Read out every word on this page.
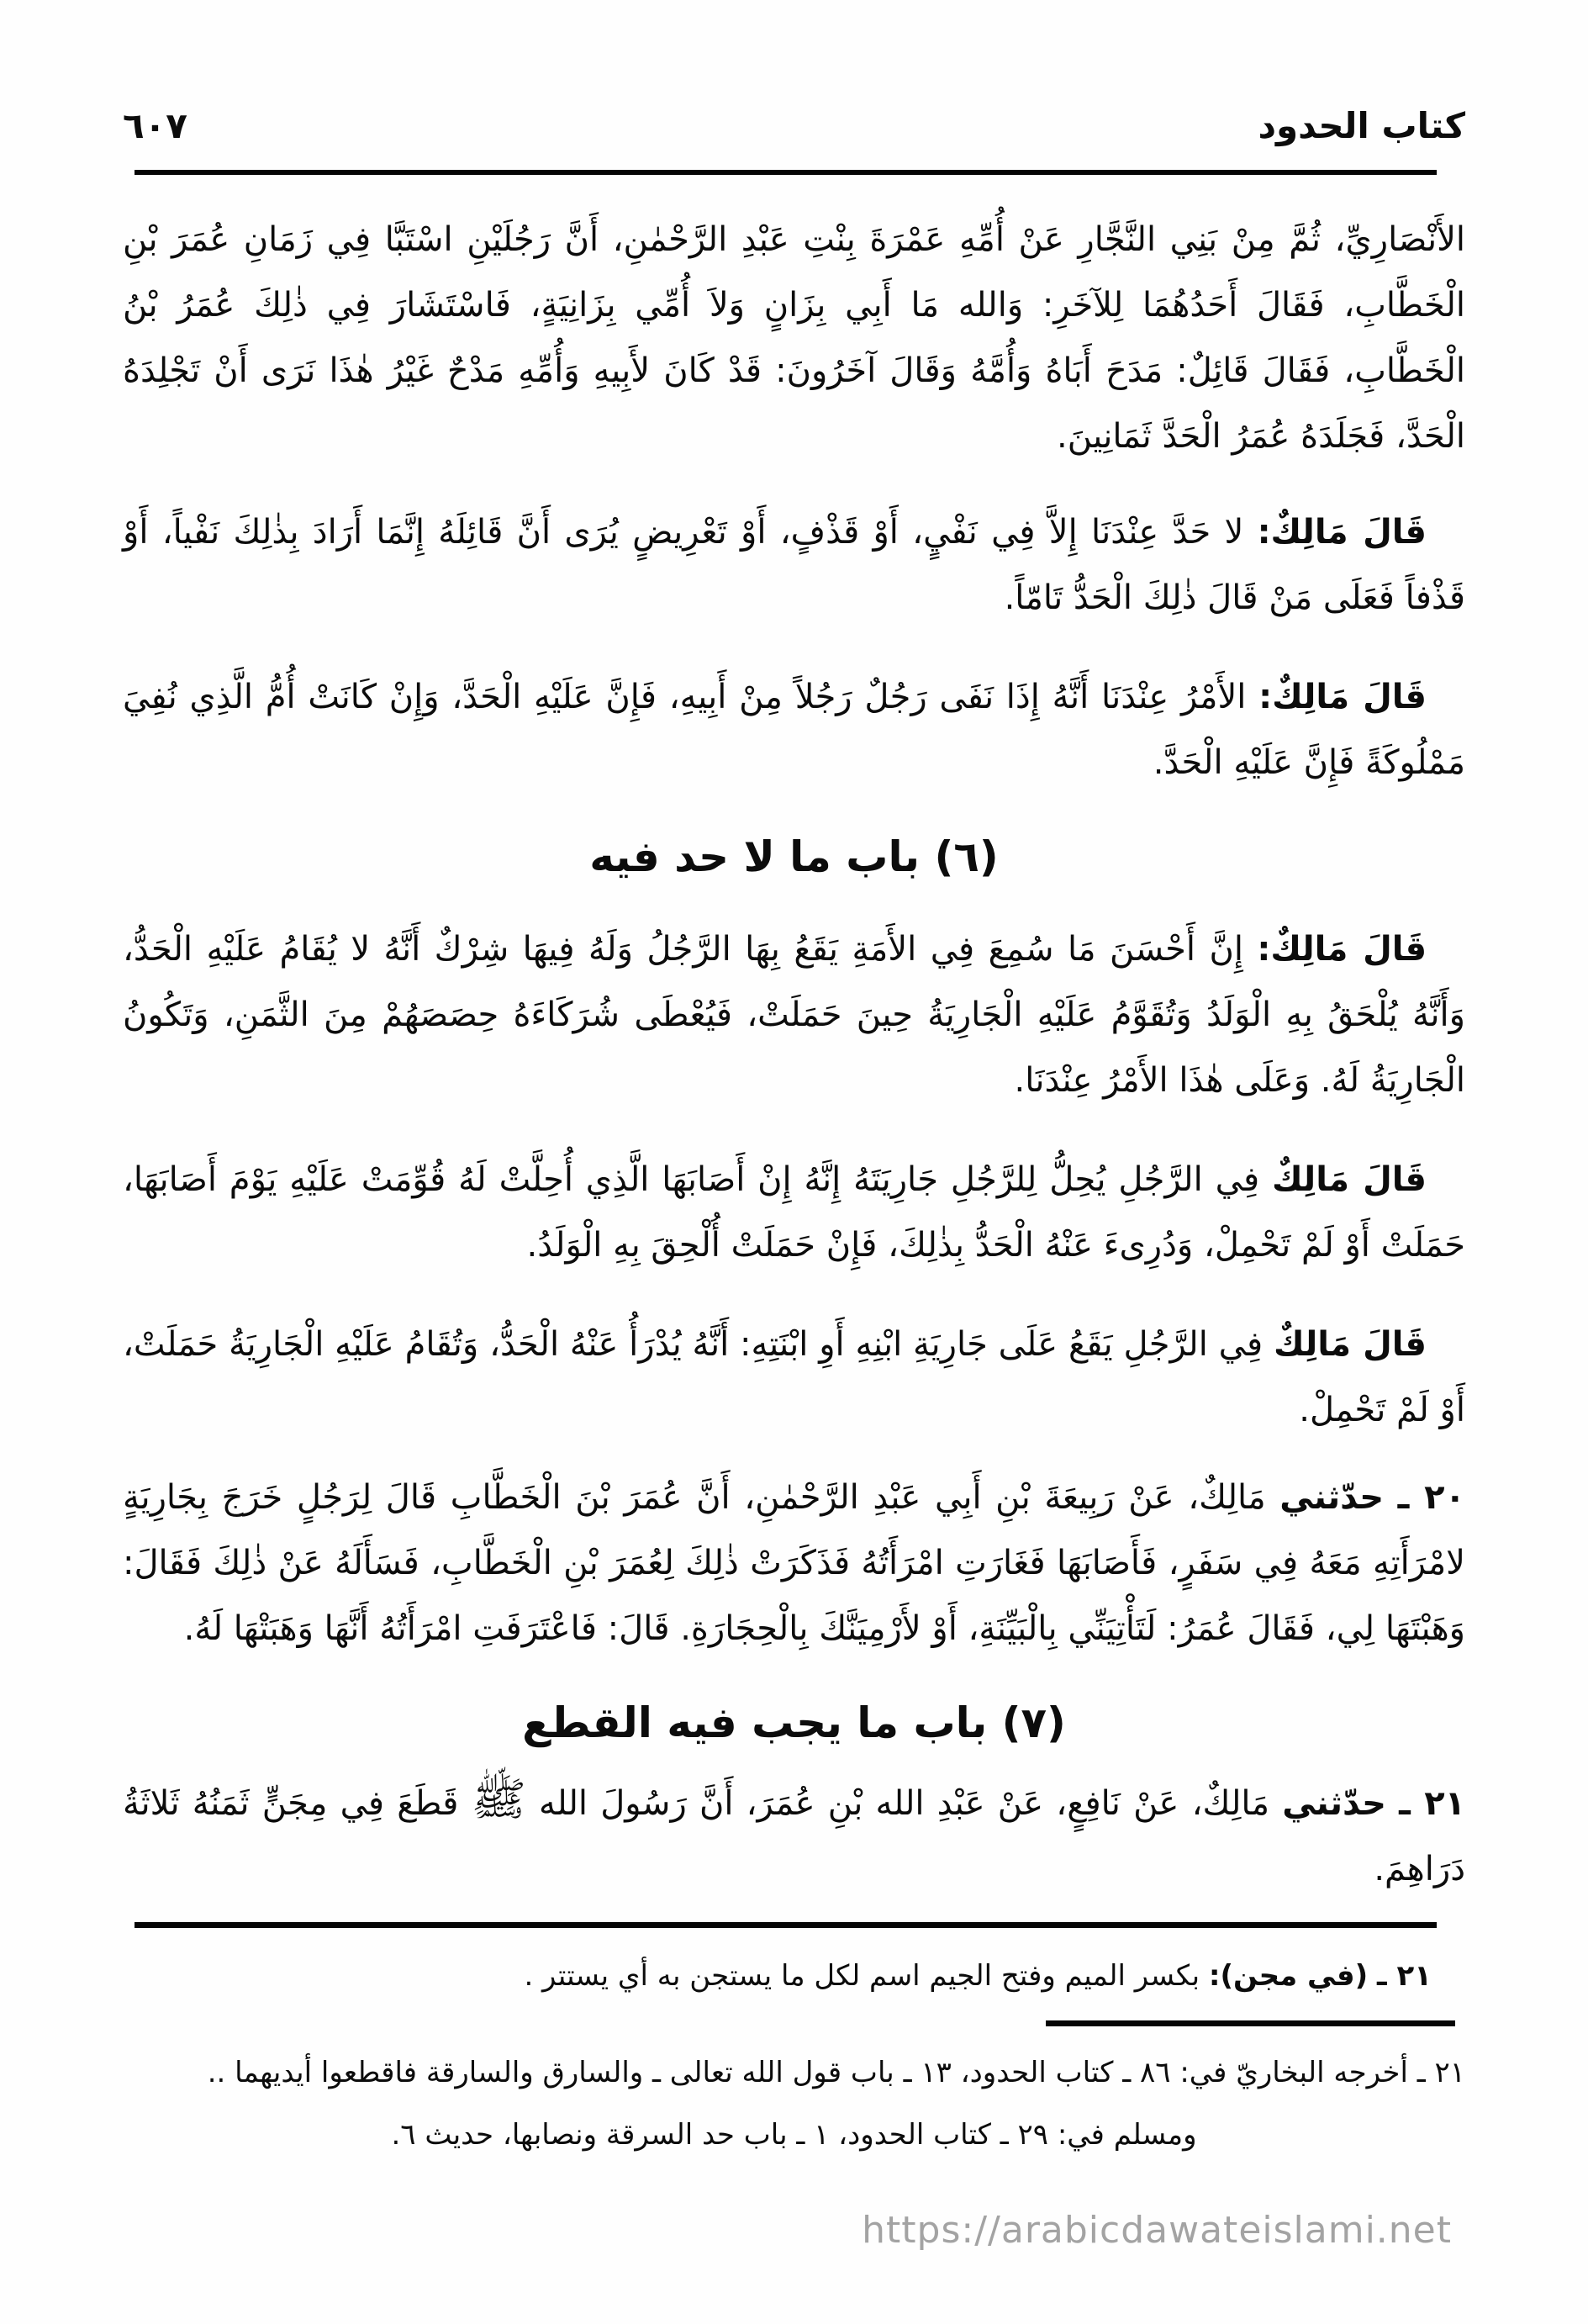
كتاب الحدود
٦٠٧

الأَنْصَارِيِّ، ثُمَّ مِنْ بَنِي النَّجَّارِ عَنْ أُمِّهِ عَمْرَةَ بِنْتِ عَبْدِ الرَّحْمٰنِ، أَنَّ رَجُلَيْنِ اسْتَبَّا فِي زَمَانِ عُمَرَ بْنِ الْخَطَّابِ، فَقَالَ أَحَدُهُمَا لِلآخَرِ: وَالله مَا أَبِي بِزَانٍ وَلاَ أُمِّي بِزَانِيَةٍ، فَاسْتَشَارَ فِي ذٰلِكَ عُمَرُ بْنُ الْخَطَّابِ، فَقَالَ قَائِلٌ: مَدَحَ أَبَاهُ وَأُمَّهُ وَقَالَ آخَرُونَ: قَدْ كَانَ لأَبِيهِ وَأُمِّهِ مَدْحٌ غَيْرُ هٰذَا نَرَى أَنْ تَجْلِدَهُ الْحَدَّ، فَجَلَدَهُ عُمَرُ الْحَدَّ ثَمَانِينَ.

قَالَ مَالِكٌ: لا حَدَّ عِنْدَنَا إِلاَّ فِي نَفْيٍ، أَوْ قَذْفٍ، أَوْ تَعْرِيضٍ يُرَى أَنَّ قَائِلَهُ إِنَّمَا أَرَادَ بِذٰلِكَ نَفْياً، أَوْ قَذْفاً فَعَلَى مَنْ قَالَ ذٰلِكَ الْحَدُّ تَامّاً.

قَالَ مَالِكٌ: الأَمْرُ عِنْدَنَا أَنَّهُ إِذَا نَفَى رَجُلٌ رَجُلاً مِنْ أَبِيهِ، فَإِنَّ عَلَيْهِ الْحَدَّ، وَإِنْ كَانَتْ أُمُّ الَّذِي نُفِيَ مَمْلُوكَةً فَإِنَّ عَلَيْهِ الْحَدَّ.

(٦) باب ما لا حد فيه

قَالَ مَالِكٌ: إِنَّ أَحْسَنَ مَا سُمِعَ فِي الأَمَةِ يَقَعُ بِهَا الرَّجُلُ وَلَهُ فِيهَا شِرْكٌ أَنَّهُ لا يُقَامُ عَلَيْهِ الْحَدُّ، وَأَنَّهُ يُلْحَقُ بِهِ الْوَلَدُ وَتُقَوَّمُ عَلَيْهِ الْجَارِيَةُ حِينَ حَمَلَتْ، فَيُعْطَى شُرَكَاءَهُ حِصَصَهُمْ مِنَ الثَّمَنِ، وَتَكُونُ الْجَارِيَةُ لَهُ. وَعَلَى هٰذَا الأَمْرُ عِنْدَنَا.

قَالَ مَالِكٌ فِي الرَّجُلِ يُحِلُّ لِلرَّجُلِ جَارِيَتَهُ إِنَّهُ إِنْ أَصَابَهَا الَّذِي أُحِلَّتْ لَهُ قُوِّمَتْ عَلَيْهِ يَوْمَ أَصَابَهَا، حَمَلَتْ أَوْ لَمْ تَحْمِلْ، وَدُرِىءَ عَنْهُ الْحَدُّ بِذٰلِكَ، فَإِنْ حَمَلَتْ أُلْحِقَ بِهِ الْوَلَدُ.

قَالَ مَالِكٌ فِي الرَّجُلِ يَقَعُ عَلَى جَارِيَةِ ابْنِهِ أَوِ ابْنَتِهِ: أَنَّهُ يُدْرَأُ عَنْهُ الْحَدُّ، وَتُقَامُ عَلَيْهِ الْجَارِيَةُ حَمَلَتْ، أَوْ لَمْ تَحْمِلْ.

٢٠ ـ حدّثني مَالِكٌ، عَنْ رَبِيعَةَ بْنِ أَبِي عَبْدِ الرَّحْمٰنِ، أَنَّ عُمَرَ بْنَ الْخَطَّابِ قَالَ لِرَجُلٍ خَرَجَ بِجَارِيَةٍ لامْرَأَتِهِ مَعَهُ فِي سَفَرٍ، فَأَصَابَهَا فَغَارَتِ امْرَأَتُهُ فَذَكَرَتْ ذٰلِكَ لِعُمَرَ بْنِ الْخَطَّابِ، فَسَأَلَهُ عَنْ ذٰلِكَ فَقَالَ: وَهَبْتَهَا لِي، فَقَالَ عُمَرُ: لَتَأْتِيَنِّي بِالْبَيِّنَةِ، أَوْ لأَرْمِيَنَّكَ بِالْحِجَارَةِ. قَالَ: فَاعْتَرَفَتِ امْرَأَتُهُ أَنَّهَا وَهَبَتْهَا لَهُ.

(٧) باب ما يجب فيه القطع

٢١ ـ حدّثني مَالِكٌ، عَنْ نَافِعٍ، عَنْ عَبْدِ الله بْنِ عُمَرَ، أَنَّ رَسُولَ الله ﷺ قَطَعَ فِي مِجَنٍّ ثَمَنُهُ ثَلاثَةُ دَرَاهِمَ.

٢١ ـ (في مجن): بكسر الميم وفتح الجيم اسم لكل ما يستجن به أي يستتر .

٢١ ـ أخرجه البخاريّ في: ٨٦ ـ كتاب الحدود، ١٣ ـ باب قول الله تعالى ـ والسارق والسارقة فاقطعوا أيديهما ..

ومسلم في: ٢٩ ـ كتاب الحدود، ١ ـ باب حد السرقة ونصابها، حديث ٦.

https://arabicdawateislami.net
